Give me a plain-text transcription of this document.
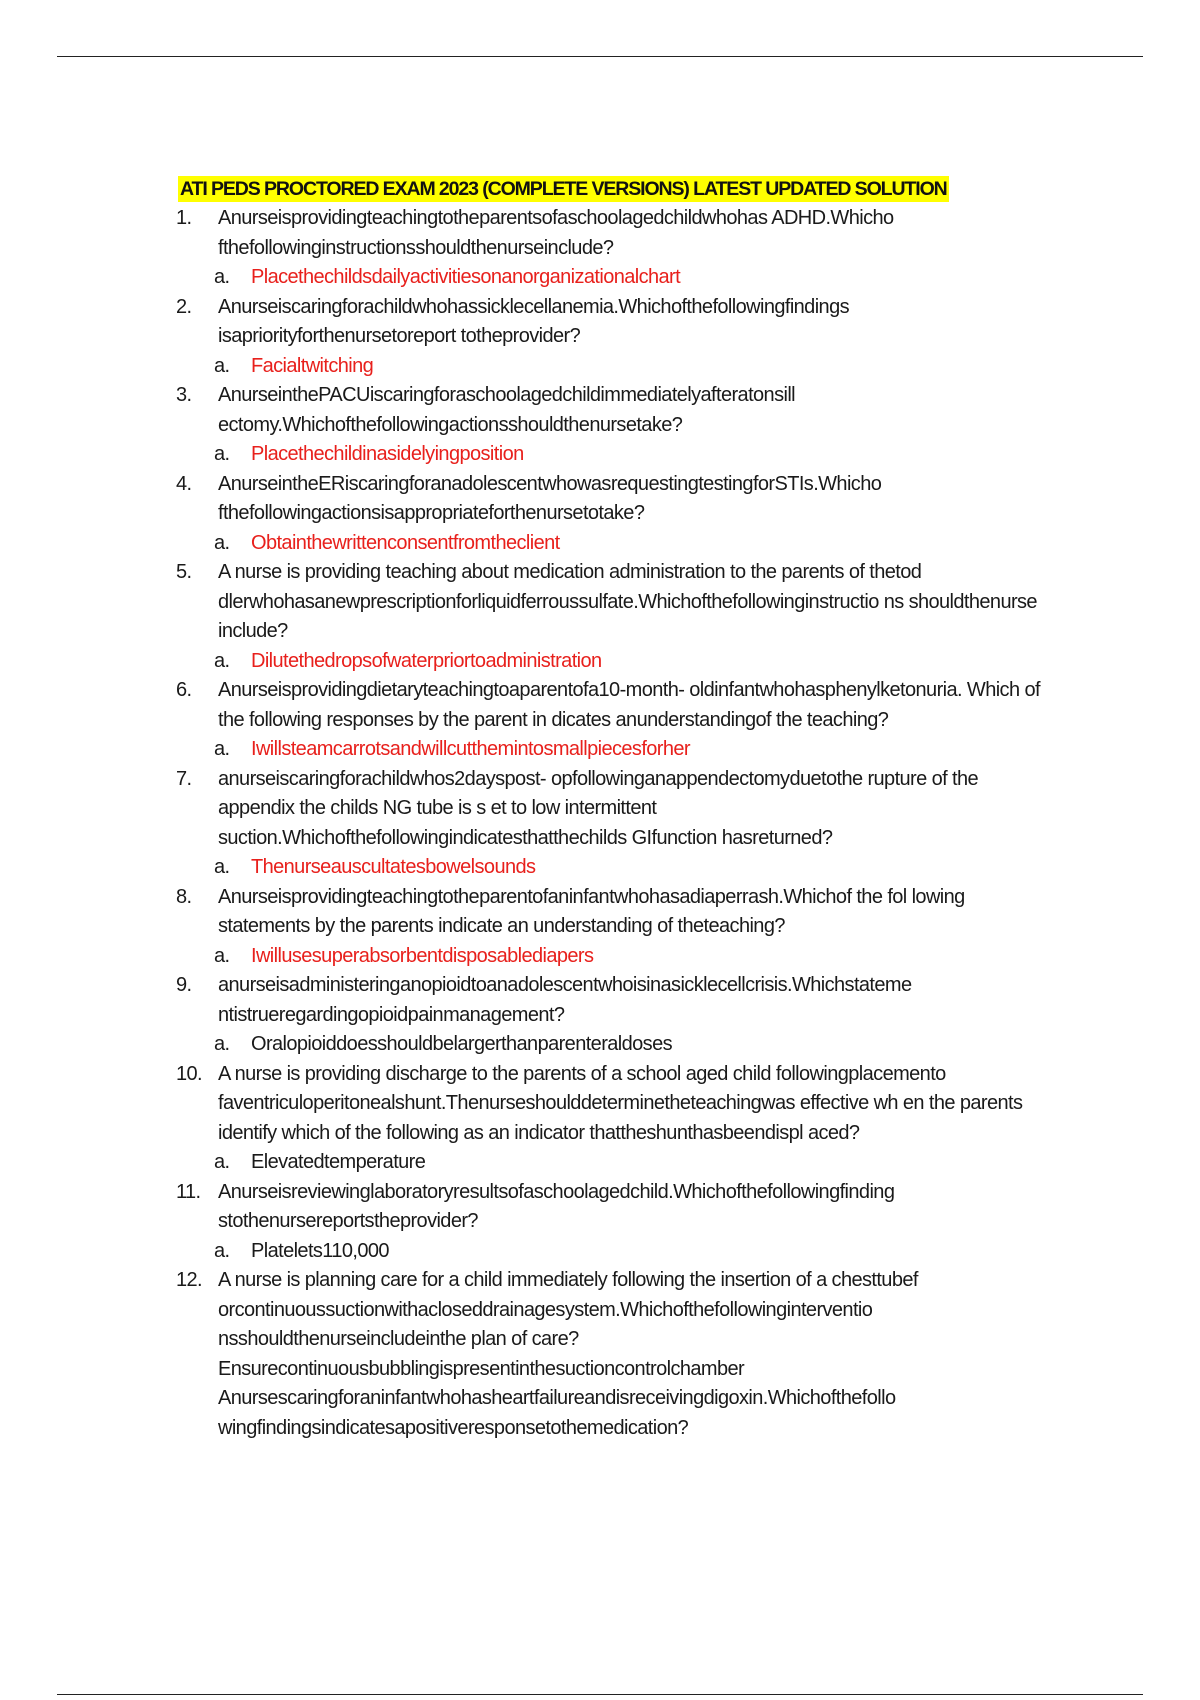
ATI PEDS PROCTORED EXAM 2023 (COMPLETE VERSIONS) LATEST UPDATED SOLUTION
1.	Anurseisprovidingteachingtotheparentsofaschoolagedchildwhohas ADHD.Whicho fthefollowinginstructionsshouldthenurseinclude?
a. Placethechildsdailyactivitiesonanorganizationalchart
2.	Anurseiscaringforachildwhohassicklecellanemia.Whichofthefollowingfindings isapriorityforthenursetoreport totheprovider?
a. Facialtwitching
3.	AnurseinthePACUiscaringforaschoolagedchildimmediatelyafteratonsill ectomy.Whichofthefollowingactionsshouldthenursetake?
a. Placethechildinasidelyingposition
4.	AnurseintheERiscaringforanadolescentwhowasrequestingtestingforSTIs.Whicho fthefollowingactionsisappropriateforthenursetotake?
a. Obtainthewrittenconsentfromtheclient
5.	A nurse is providing teaching about medication administration to the parents of thetod dlerwhohasanewprescriptionforliquidferroussulfate.Whichofthefollowinginstructio ns shouldthenurse include?
a. Dilutethedropsofwaterpriortoadministration
6.	Anurseisprovidingdietaryteachingtoaparentofa10-month- oldinfantwhohasphenylketonuria. Which of the following responses by the parent in dicates anunderstandingof the teaching?
a. Iwillsteamcarrotsandwillcutthemintosmallpiecesforher
7.	anurseiscaringforachildwhos2dayspost- opfollowinganappendectomyduetothe rupture of the appendix the childs NG tube is s et to low intermittent suction.Whichofthefollowingindicatesthatthechilds GIfunction hasreturned?
a. Thenurseauscultatesbowelsounds
8.	Anurseisprovidingteachingtotheparentofaninfantwhohasadiaperrash.Whichof the fol lowing statements by the parents indicate an understanding of theteaching?
a. Iwillusesuperabsorbentdisposablediapers
9.	anurseisadministeringanopioidtoanadolescentwhoisinasicklecellcrisis.Whichstateme ntistrueregardingopioidpainmanagement?
a. Oralopioiddoesshouldbelargerthanparenteraldoses
10. A nurse is providing discharge to the parents of a school aged child followingplacemento faventriculoperitonealshunt.Thenurseshoulddeterminetheteachingwas effective wh en the parents identify which of the following as an indicator thattheshunthasbeendispl aced?
a. Elevatedtemperature
11. Anurseisreviewinglaboratoryresultsofaschoolagedchild.Whichofthefollowingfinding stothenursereportstheprovider?
a. Platelets110,000
12. A nurse is planning care for a child immediately following the insertion of a chesttubef orcontinuoussuctionwithacloseddrainagesystem.Whichofthefollowinginterventio nsshouldthenurseincludeinthe plan of care?
Ensurecontinuousbubblingispresentinthesuctioncontrolchamber
Anursescaringforaninfantwhohasheartfailureandisreceivingdigoxin.Whichofthefollo wingfindingsindicatesapositiveresponsetothemedication?
